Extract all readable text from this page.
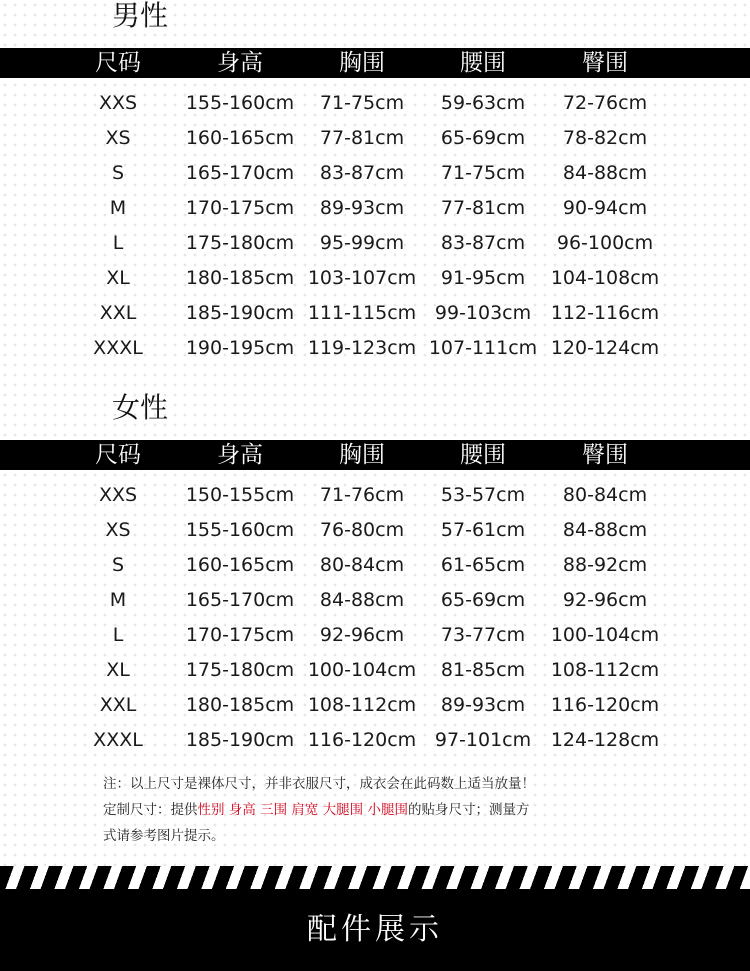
男性
尺码	身高	胸围	腰围	臀围
XXS	155-160cm 71-75cm 59-63cm 72-76cm
XS	160-165cm 77-81cm 65-69cm 78-82cm
S	165-170cm 83-87cm 71-75cm 84-88cm
M	170-175cm 89-93cm 77-81cm 90-94cm
L	175-180cm 95-99cm 83-87cm 96-100cm
XL	180-185cm 103-107cm 91-95cm 104-108cm
XXL	185-190cm 111-115cm 99-103cm 112-116cm
XXXL 190-195cm 119-123cm 107-111cm 120-124cm
女性
尺码	身高	胸围	腰围	臀围
XXS	150-155cm 71-76cm 53-57cm 80-84cm
XS	155-160cm 76-80cm 57-61cm 84-88cm
S	160-165cm 80-84cm 61-65cm 88-92cm
M	165-170cm 84-88cm 65-69cm 92-96cm
L	170-175cm 92-96cm 73-77cm 100-104cm
XL	175-180cm 100-104cm 81-85cm 108-112cm
XXL	180-185cm 108-112cm 89-93cm 116-120cm
XXXL 185-190cm 116-120cm 97-101cm 124-128cm
注：以上尺寸是裸体尺寸，并非衣服尺寸，成衣会在此码数上适当放量！
定制尺寸：提供性别 身高 三围 肩宽 大腿围 小腿围的贴身尺寸；测量方
式请参考图片提示。
配件展示
